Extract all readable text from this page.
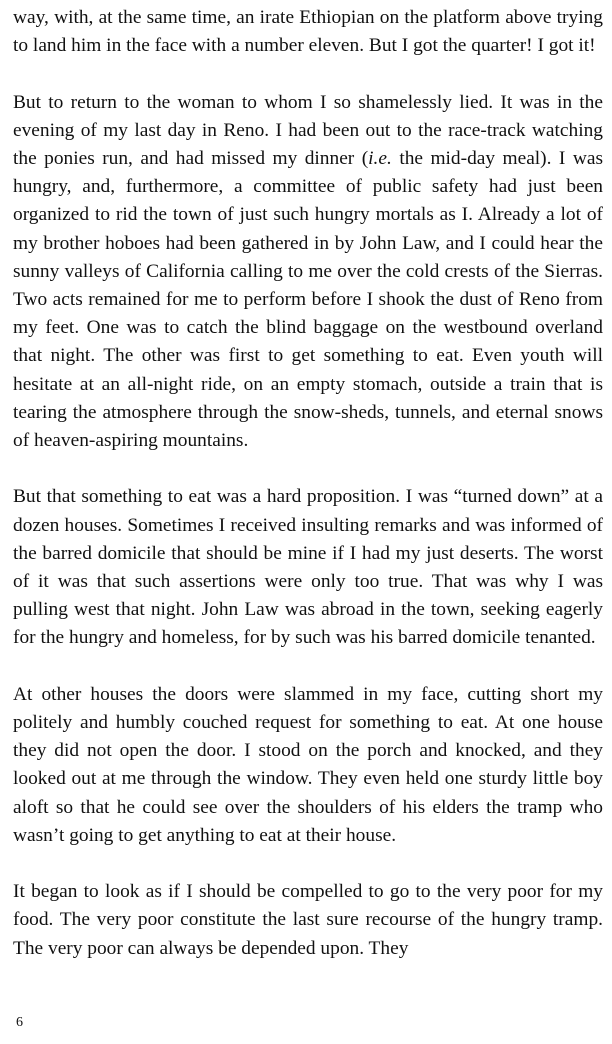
way, with, at the same time, an irate Ethiopian on the platform above trying to land him in the face with a number eleven. But I got the quarter! I got it!

But to return to the woman to whom I so shamelessly lied. It was in the evening of my last day in Reno. I had been out to the race-track watching the ponies run, and had missed my dinner (i.e. the mid-day meal). I was hungry, and, furthermore, a committee of public safety had just been organized to rid the town of just such hungry mortals as I. Already a lot of my brother hoboes had been gathered in by John Law, and I could hear the sunny valleys of California calling to me over the cold crests of the Sierras. Two acts remained for me to perform before I shook the dust of Reno from my feet. One was to catch the blind baggage on the westbound overland that night. The other was first to get something to eat. Even youth will hesitate at an all-night ride, on an empty stomach, outside a train that is tearing the atmosphere through the snow-sheds, tunnels, and eternal snows of heaven-aspiring mountains.

But that something to eat was a hard proposition. I was “turned down” at a dozen houses. Sometimes I received insulting remarks and was informed of the barred domicile that should be mine if I had my just deserts. The worst of it was that such assertions were only too true. That was why I was pulling west that night. John Law was abroad in the town, seeking eagerly for the hungry and homeless, for by such was his barred domicile tenanted.

At other houses the doors were slammed in my face, cutting short my politely and humbly couched request for something to eat. At one house they did not open the door. I stood on the porch and knocked, and they looked out at me through the window. They even held one sturdy little boy aloft so that he could see over the shoulders of his elders the tramp who wasn’t going to get anything to eat at their house.

It began to look as if I should be compelled to go to the very poor for my food. The very poor constitute the last sure recourse of the hungry tramp. The very poor can always be depended upon. They

6
